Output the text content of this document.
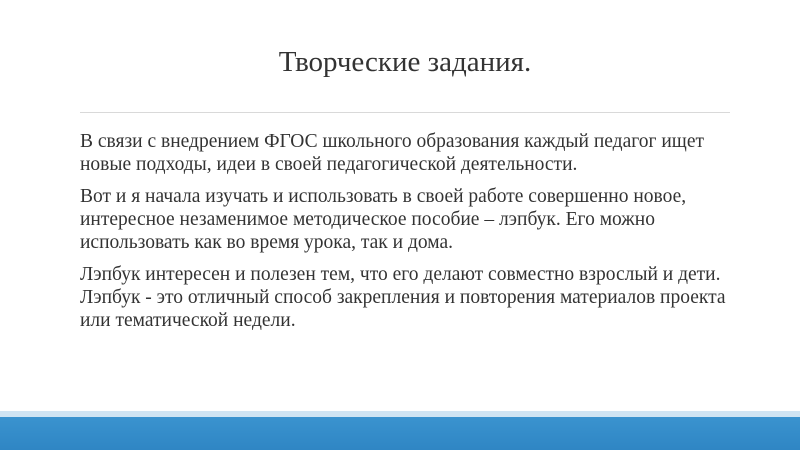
Творческие задания.

В связи с внедрением ФГОС школьного образования каждый педагог ищет новые подходы, идеи в своей педагогической деятельности.

Вот и я начала изучать и использовать в своей работе совершенно новое, интересное незаменимое методическое пособие – лэпбук. Его можно использовать как во время урока, так и дома.

Лэпбук интересен и полезен тем, что его делают совместно взрослый и дети. Лэпбук - это отличный способ закрепления и повторения материалов проекта или тематической недели.
